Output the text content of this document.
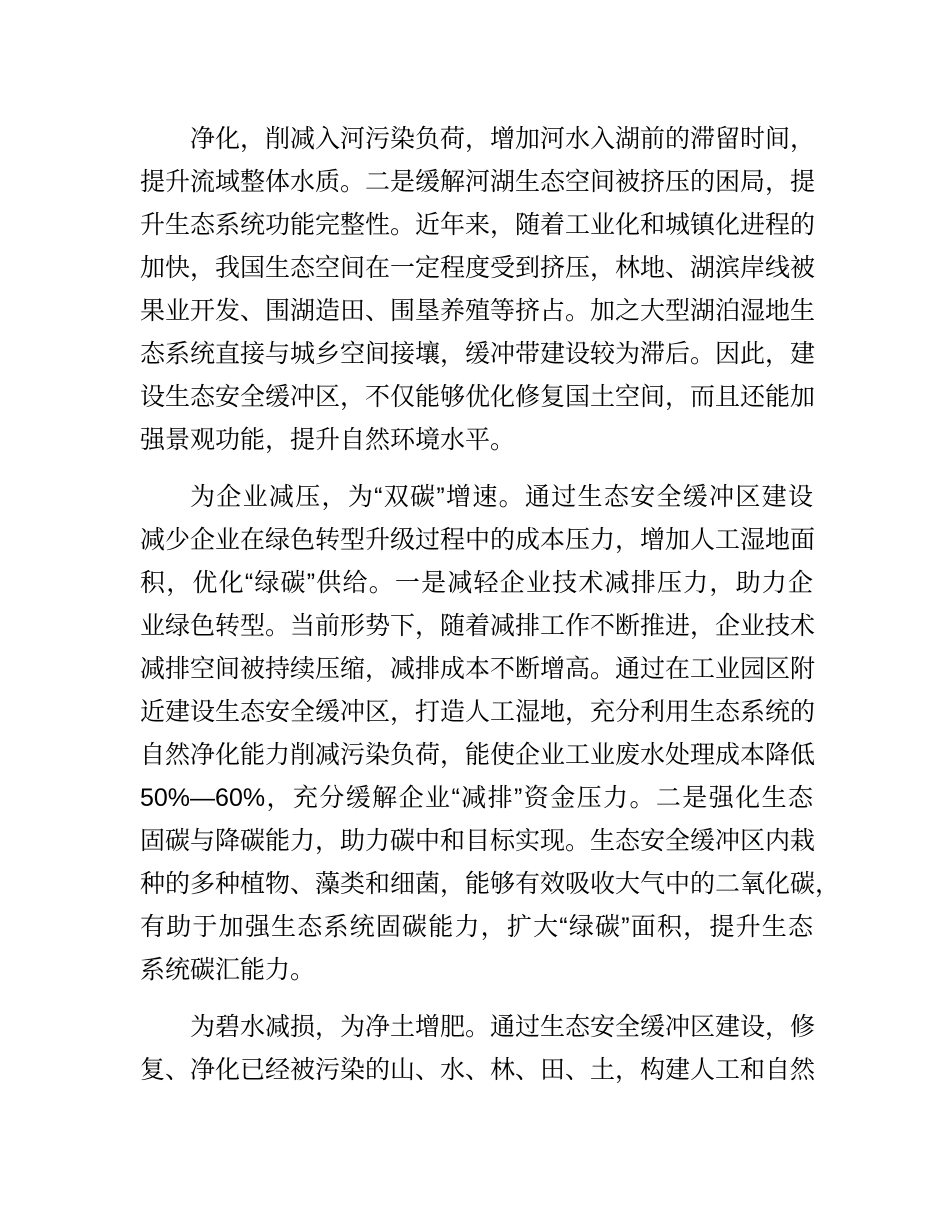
净化，削减入河污染负荷，增加河水入湖前的滞留时间，
提升流域整体水质。二是缓解河湖生态空间被挤压的困局，提
升生态系统功能完整性。近年来，随着工业化和城镇化进程的
加快，我国生态空间在一定程度受到挤压，林地、湖滨岸线被
果业开发、围湖造田、围垦养殖等挤占。加之大型湖泊湿地生
态系统直接与城乡空间接壤，缓冲带建设较为滞后。因此，建
设生态安全缓冲区，不仅能够优化修复国土空间，而且还能加
强景观功能，提升自然环境水平。
为企业减压，为“双碳”增速。通过生态安全缓冲区建设
减少企业在绿色转型升级过程中的成本压力，增加人工湿地面
积，优化“绿碳”供给。一是减轻企业技术减排压力，助力企
业绿色转型。当前形势下，随着减排工作不断推进，企业技术
减排空间被持续压缩，减排成本不断增高。通过在工业园区附
近建设生态安全缓冲区，打造人工湿地，充分利用生态系统的
自然净化能力削减污染负荷，能使企业工业废水处理成本降低
50%—60%，充分缓解企业“减排”资金压力。二是强化生态
固碳与降碳能力，助力碳中和目标实现。生态安全缓冲区内栽
种的多种植物、藻类和细菌，能够有效吸收大气中的二氧化碳，
有助于加强生态系统固碳能力，扩大“绿碳”面积，提升生态
系统碳汇能力。
为碧水减损，为净土增肥。通过生态安全缓冲区建设，修
复、净化已经被污染的山、水、林、田、土，构建人工和自然
